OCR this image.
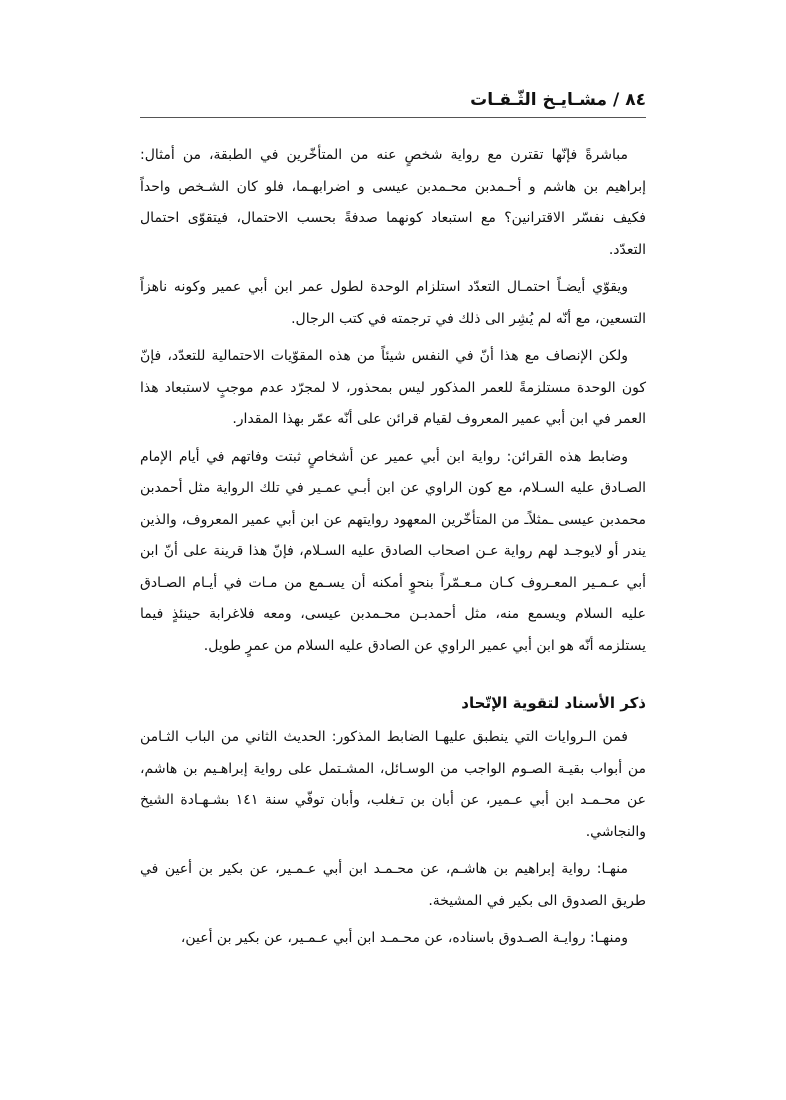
٨٤/مشـايـخ الثّـقـات

مباشرةً فإنّها تقترن مع رواية شخصٍ عنه من المتأخّرين في الطبقة، من أمثال: إبراهيم بن هاشم و أحـمدبن محـمدبن عيسى و اضرابهـما، فلو كان الشـخص واحداً فكيف نفسّر الاقترانين؟ مع استبعاد كونهما صدفةً بحسب الاحتمال، فيتقوّى احتمال التعدّد.

ويقوّي أيضـاً احتمـال التعدّد استلزام الوحدة لطول عمر ابن أبي عمير وكونه ناهزاً التسعين، مع أنّه لم يُشِر الى ذلك في ترجمته في كتب الرجال.

ولكن الإنصاف مع هذا أنّ في النفس شيئاً من هذه المقوّيات الاحتمالية للتعدّد، فإنّ كون الوحدة مستلزمةً للعمر المذكور ليس بمحذور، لا لمجرّد عدم موجبٍ لاستبعاد هذا العمر في ابن أبي عمير المعروف لقيام قرائن على أنّه عمّر بهذا المقدار.

وضابط هذه القرائن: رواية ابن أبي عمير عن أشخاصٍ ثبتت وفاتهم في أيام الإمام الصـادق عليه السـلام، مع كون الراوي عن ابن أبـي عمـير في تلك الرواية مثل أحمدبن محمدبن عيسى ـمثلاًـ من المتأخّرين المعهود روايتهم عن ابن أبي عمير المعروف، والذين يندر أو لايوجـد لهم رواية عـن اصحاب الصادق عليه السـلام، فإنّ هذا قرينة على أنّ ابن أبي عـمـير المعـروف كـان مـعـمّراً بنحوٍ أمكنه أن يسـمع من مـات في أيـام الصـادق عليه السلام ويسمع منه، مثل أحمدبـن محـمدبن عيسى، ومعه فلاغرابة حينئذٍ فيما يستلزمه أنّه هو ابن أبي عمير الراوي عن الصادق عليه السلام من عمرٍ طويل.

ذكر الأسناد لتقوية الإتّحاد

فمن الـروايات التي ينطبق عليهـا الضابط المذكور: الحديث الثاني من الباب الثـامن من أبواب بقيـة الصـوم الواجب من الوسـائل، المشـتمل على رواية إبراهـيم بن هاشم، عن محـمـد ابن أبي عـمير، عن أبان بن تـغلب، وأبان توفّي سنة ١٤١ بشـهـادة الشيخ والنجاشي.

منهـا: رواية إبراهيم بن هاشـم، عن محـمـد ابن أبي عـمـير، عن بكير بن أعين في طريق الصدوق الى بكير في المشيخة.

ومنهـا: روايـة الصـدوق باسناده، عن محـمـد ابن أبي عـمـير، عن بكير بن أعين،
